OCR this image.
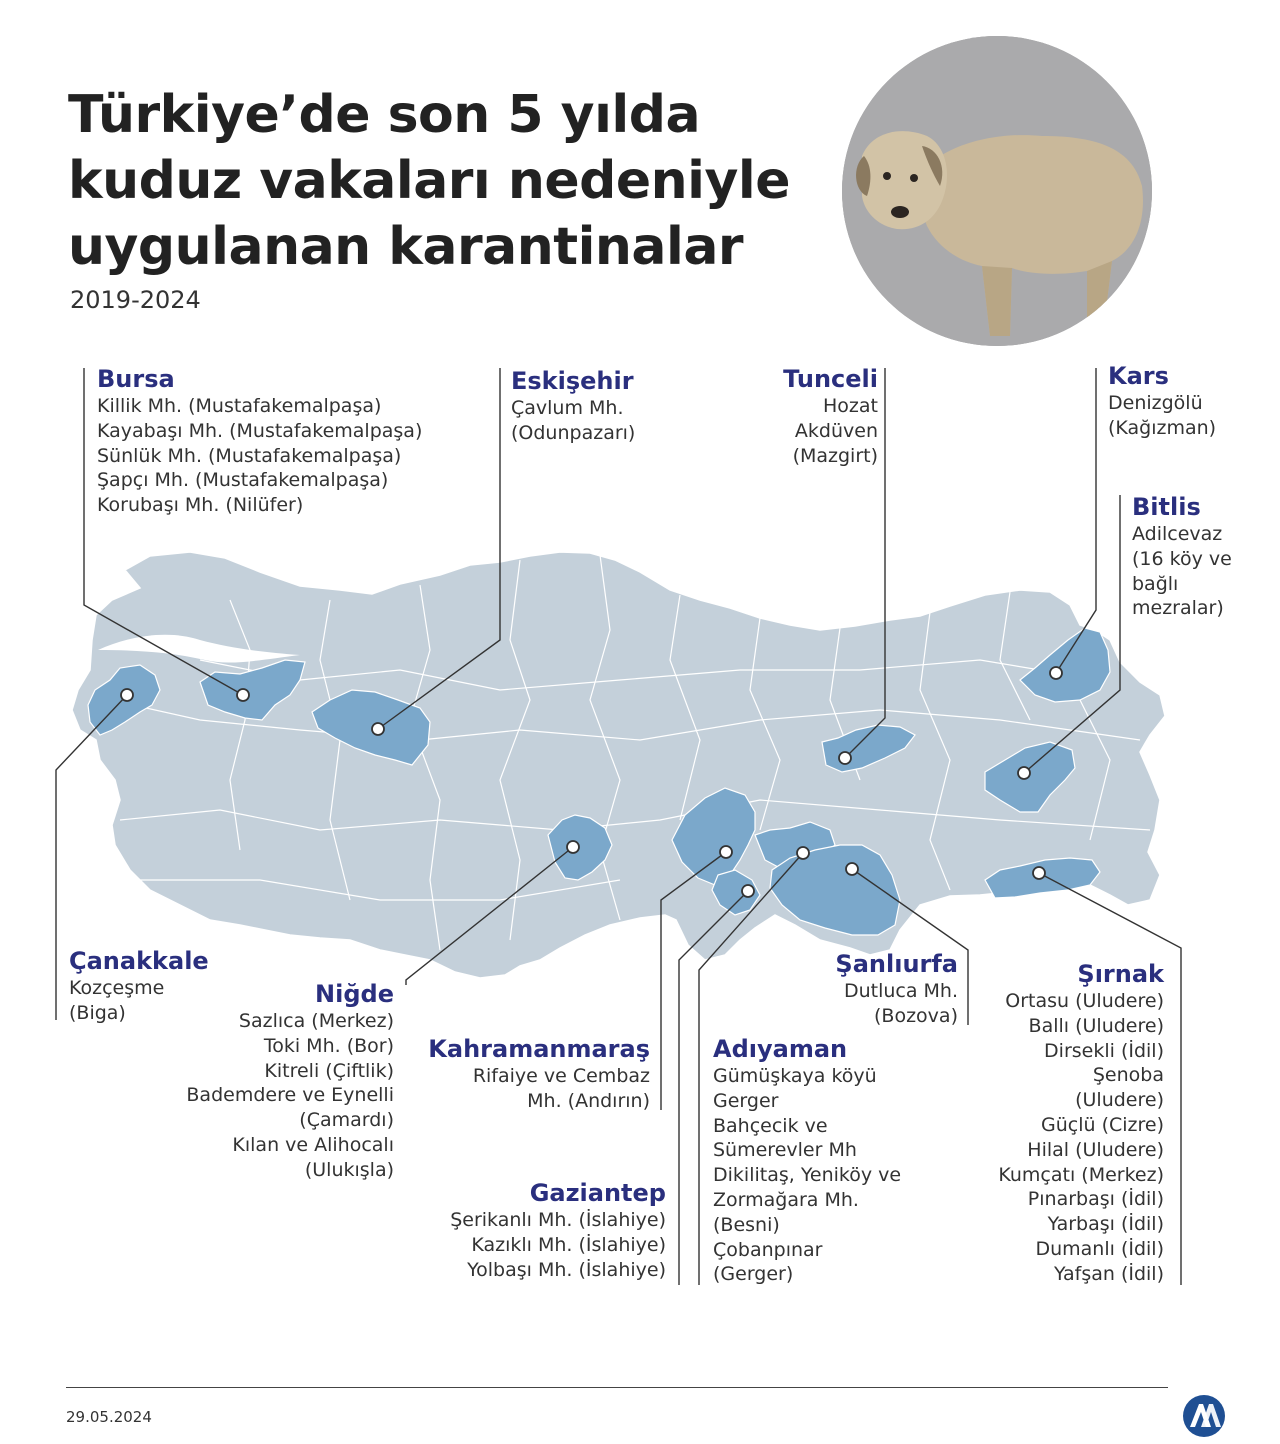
Türkiye’de son 5 yılda
kuduz vakaları nedeniyle
uygulanan karantinalar
2019-2024
Bursa
Killik Mh. (Mustafakemalpaşa)
Kayabaşı Mh. (Mustafakemalpaşa)
Sünlük Mh. (Mustafakemalpaşa)
Şapçı Mh. (Mustafakemalpaşa)
Korubaşı Mh. (Nilüfer)
Eskişehir
Çavlum Mh.
(Odunpazarı)
Tunceli
Hozat
Akdüven
(Mazgirt)
Kars
Denizgölü
(Kağızman)
Bitlis
Adilcevaz
(16 köy ve
bağlı
mezralar)
Çanakkale
Kozçeşme
(Biga)
Niğde
Sazlıca (Merkez)
Toki Mh. (Bor)
Kitreli (Çiftlik)
Bademdere ve Eynelli
(Çamardı)
Kılan ve Alihocalı
(Ulukışla)
Kahramanmaraş
Rifaiye ve Cembaz
Mh. (Andırın)
Gaziantep
Şerikanlı Mh. (İslahiye)
Kazıklı Mh. (İslahiye)
Yolbaşı Mh. (İslahiye)
Adıyaman
Gümüşkaya köyü
Gerger
Bahçecik ve
Sümerevler Mh
Dikilitaş, Yeniköy ve
Zormağara Mh.
(Besni)
Çobanpınar
(Gerger)
Şanlıurfa
Dutluca Mh.
(Bozova)
Şırnak
Ortasu (Uludere)
Ballı (Uludere)
Dirsekli (İdil)
Şenoba
(Uludere)
Güçlü (Cizre)
Hilal (Uludere)
Kumçatı (Merkez)
Pınarbaşı (İdil)
Yarbaşı (İdil)
Dumanlı (İdil)
Yafşan (İdil)
29.05.2024
